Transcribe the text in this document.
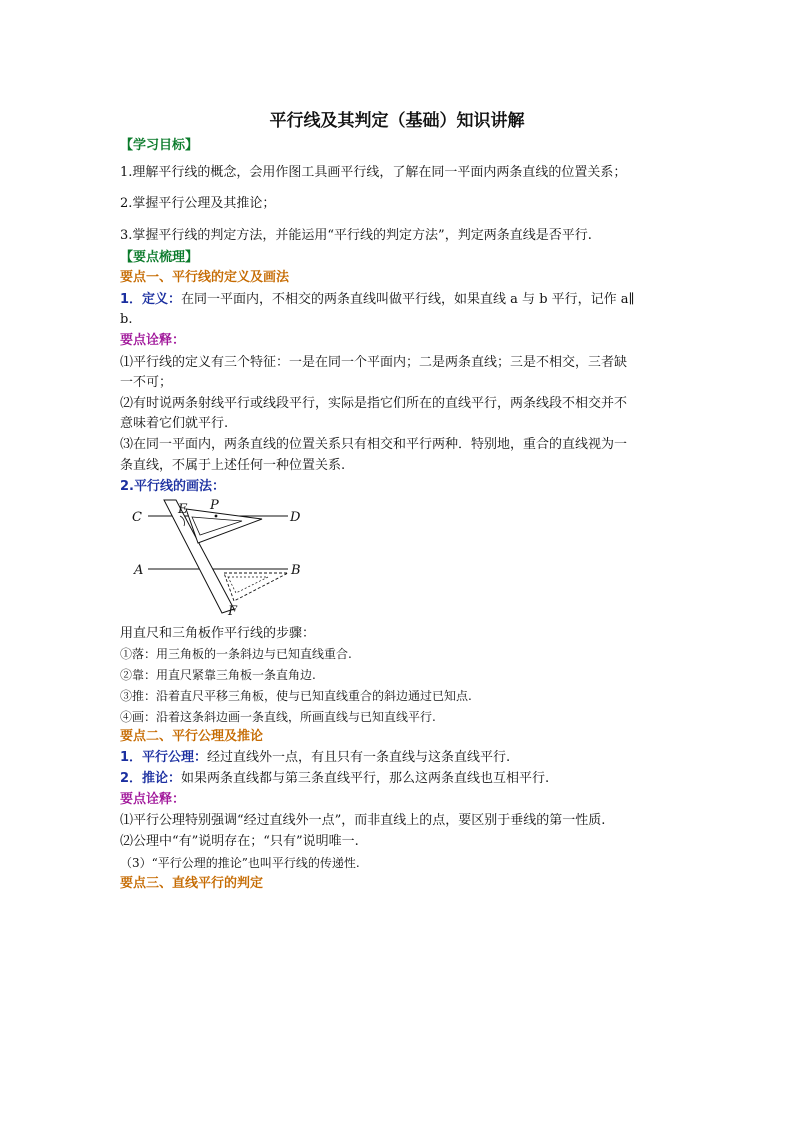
平行线及其判定（基础）知识讲解
【学习目标】
1.理解平行线的概念，会用作图工具画平行线，了解在同一平面内两条直线的位置关系；
2.掌握平行公理及其推论；
3.掌握平行线的判定方法，并能运用“平行线的判定方法”，判定两条直线是否平行.
【要点梳理】
要点一、平行线的定义及画法
1．定义：在同一平面内，不相交的两条直线叫做平行线，如果直线 a 与 b 平行，记作 a∥
b.
要点诠释：
⑴平行线的定义有三个特征：一是在同一个平面内；二是两条直线；三是不相交，三者缺
一不可；
⑵有时说两条射线平行或线段平行，实际是指它们所在的直线平行，两条线段不相交并不
意味着它们就平行.
⑶在同一平面内，两条直线的位置关系只有相交和平行两种．特别地，重合的直线视为一
条直线，不属于上述任何一种位置关系.
2.平行线的画法：
C	D
E P
A	B
F
用直尺和三角板作平行线的步骤：
①落：用三角板的一条斜边与已知直线重合.
②靠：用直尺紧靠三角板一条直角边.
③推：沿着直尺平移三角板，使与已知直线重合的斜边通过已知点.
④画：沿着这条斜边画一条直线，所画直线与已知直线平行.
要点二、平行公理及推论
1．平行公理：经过直线外一点，有且只有一条直线与这条直线平行.
2．推论：如果两条直线都与第三条直线平行，那么这两条直线也互相平行.
要点诠释：
⑴平行公理特别强调“经过直线外一点”，而非直线上的点，要区别于垂线的第一性质.
⑵公理中“有”说明存在；“只有”说明唯一.
（3）“平行公理的推论”也叫平行线的传递性.
要点三、直线平行的判定
